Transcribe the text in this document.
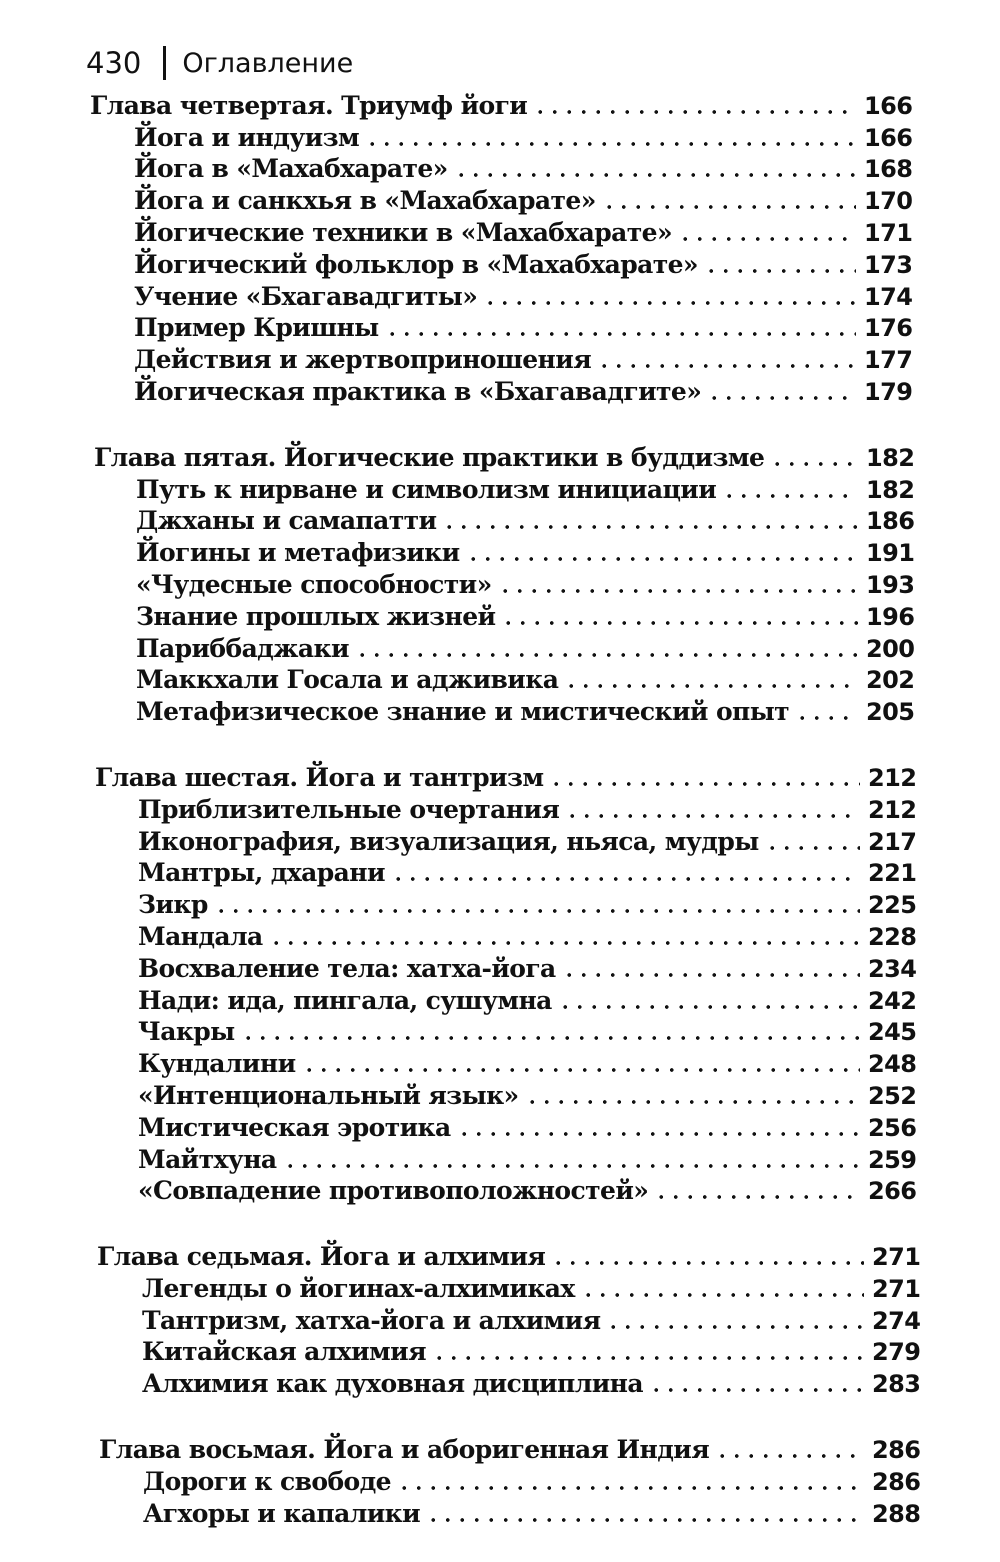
430 Оглавление
Глава четвертая. Триумф йоги	166
Йога и индуизм	166
Йога в «Махабхарате»	168
Йога и санкхья в «Махабхарате»	170
Йогические техники в «Махабхарате»	171
Йогический фольклор в «Махабхарате»	173
Учение «Бхагавадгиты»	174
Пример Кришны	176
Действия и жертвоприношения	177
Йогическая практика в «Бхагавадгите»	179
Глава пятая. Йогические практики в буддизме	182
Путь к нирване и символизм инициации	182
Джханы и самапатти	186
Йогины и метафизики	191
«Чудесные способности»	193
Знание прошлых жизней	196
Париббаджаки	200
Маккхали Госала и адживика	202
Метафизическое знание и мистический опыт	205
Глава шестая. Йога и тантризм	212
Приблизительные очертания	212
Иконография, визуализация, ньяса, мудры	217
Мантры, дхарани	221
Зикр	225
Мандала	228
Восхваление тела: хатха-йога	234
Нади: ида, пингала, сушумна	242
Чакры	245
Кундалини	248
«Интенциональный язык»	252
Мистическая эротика	256
Майтхуна	259
«Совпадение противоположностей»	266
Глава седьмая. Йога и алхимия	271
Легенды о йогинах-алхимиках	271
Тантризм, хатха-йога и алхимия	274
Китайская алхимия	279
Алхимия как духовная дисциплина	283
Глава восьмая. Йога и аборигенная Индия	286
Дороги к свободе	286
Агхоры и капалики	288
